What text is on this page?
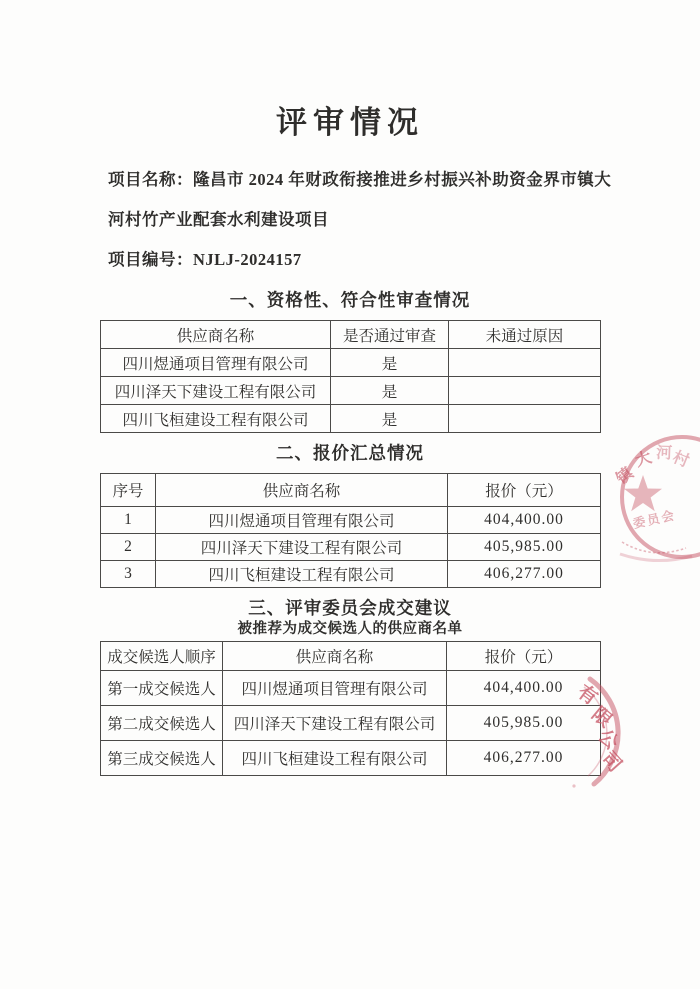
评审情况

项目名称：隆昌市 2024 年财政衔接推进乡村振兴补助资金界市镇大

河村竹产业配套水利建设项目

项目编号：NJLJ-2024157

一、资格性、符合性审查情况
供应商名称	是否通过审查	未通过原因
四川煜通项目管理有限公司	是	
四川泽天下建设工程有限公司	是	
四川飞桓建设工程有限公司	是	
二、报价汇总情况
序号	供应商名称	报价（元）
1	四川煜通项目管理有限公司	404,400.00
2	四川泽天下建设工程有限公司	405,985.00
3	四川飞桓建设工程有限公司	406,277.00
三、评审委员会成交建议
被推荐为成交候选人的供应商名单
成交候选人顺序	供应商名称	报价（元）
第一成交候选人	四川煜通项目管理有限公司	404,400.00
第二成交候选人	四川泽天下建设工程有限公司	405,985.00
第三成交候选人	四川飞桓建设工程有限公司	406,277.00
镇
大 河
村
委员会
有
限
公
司
